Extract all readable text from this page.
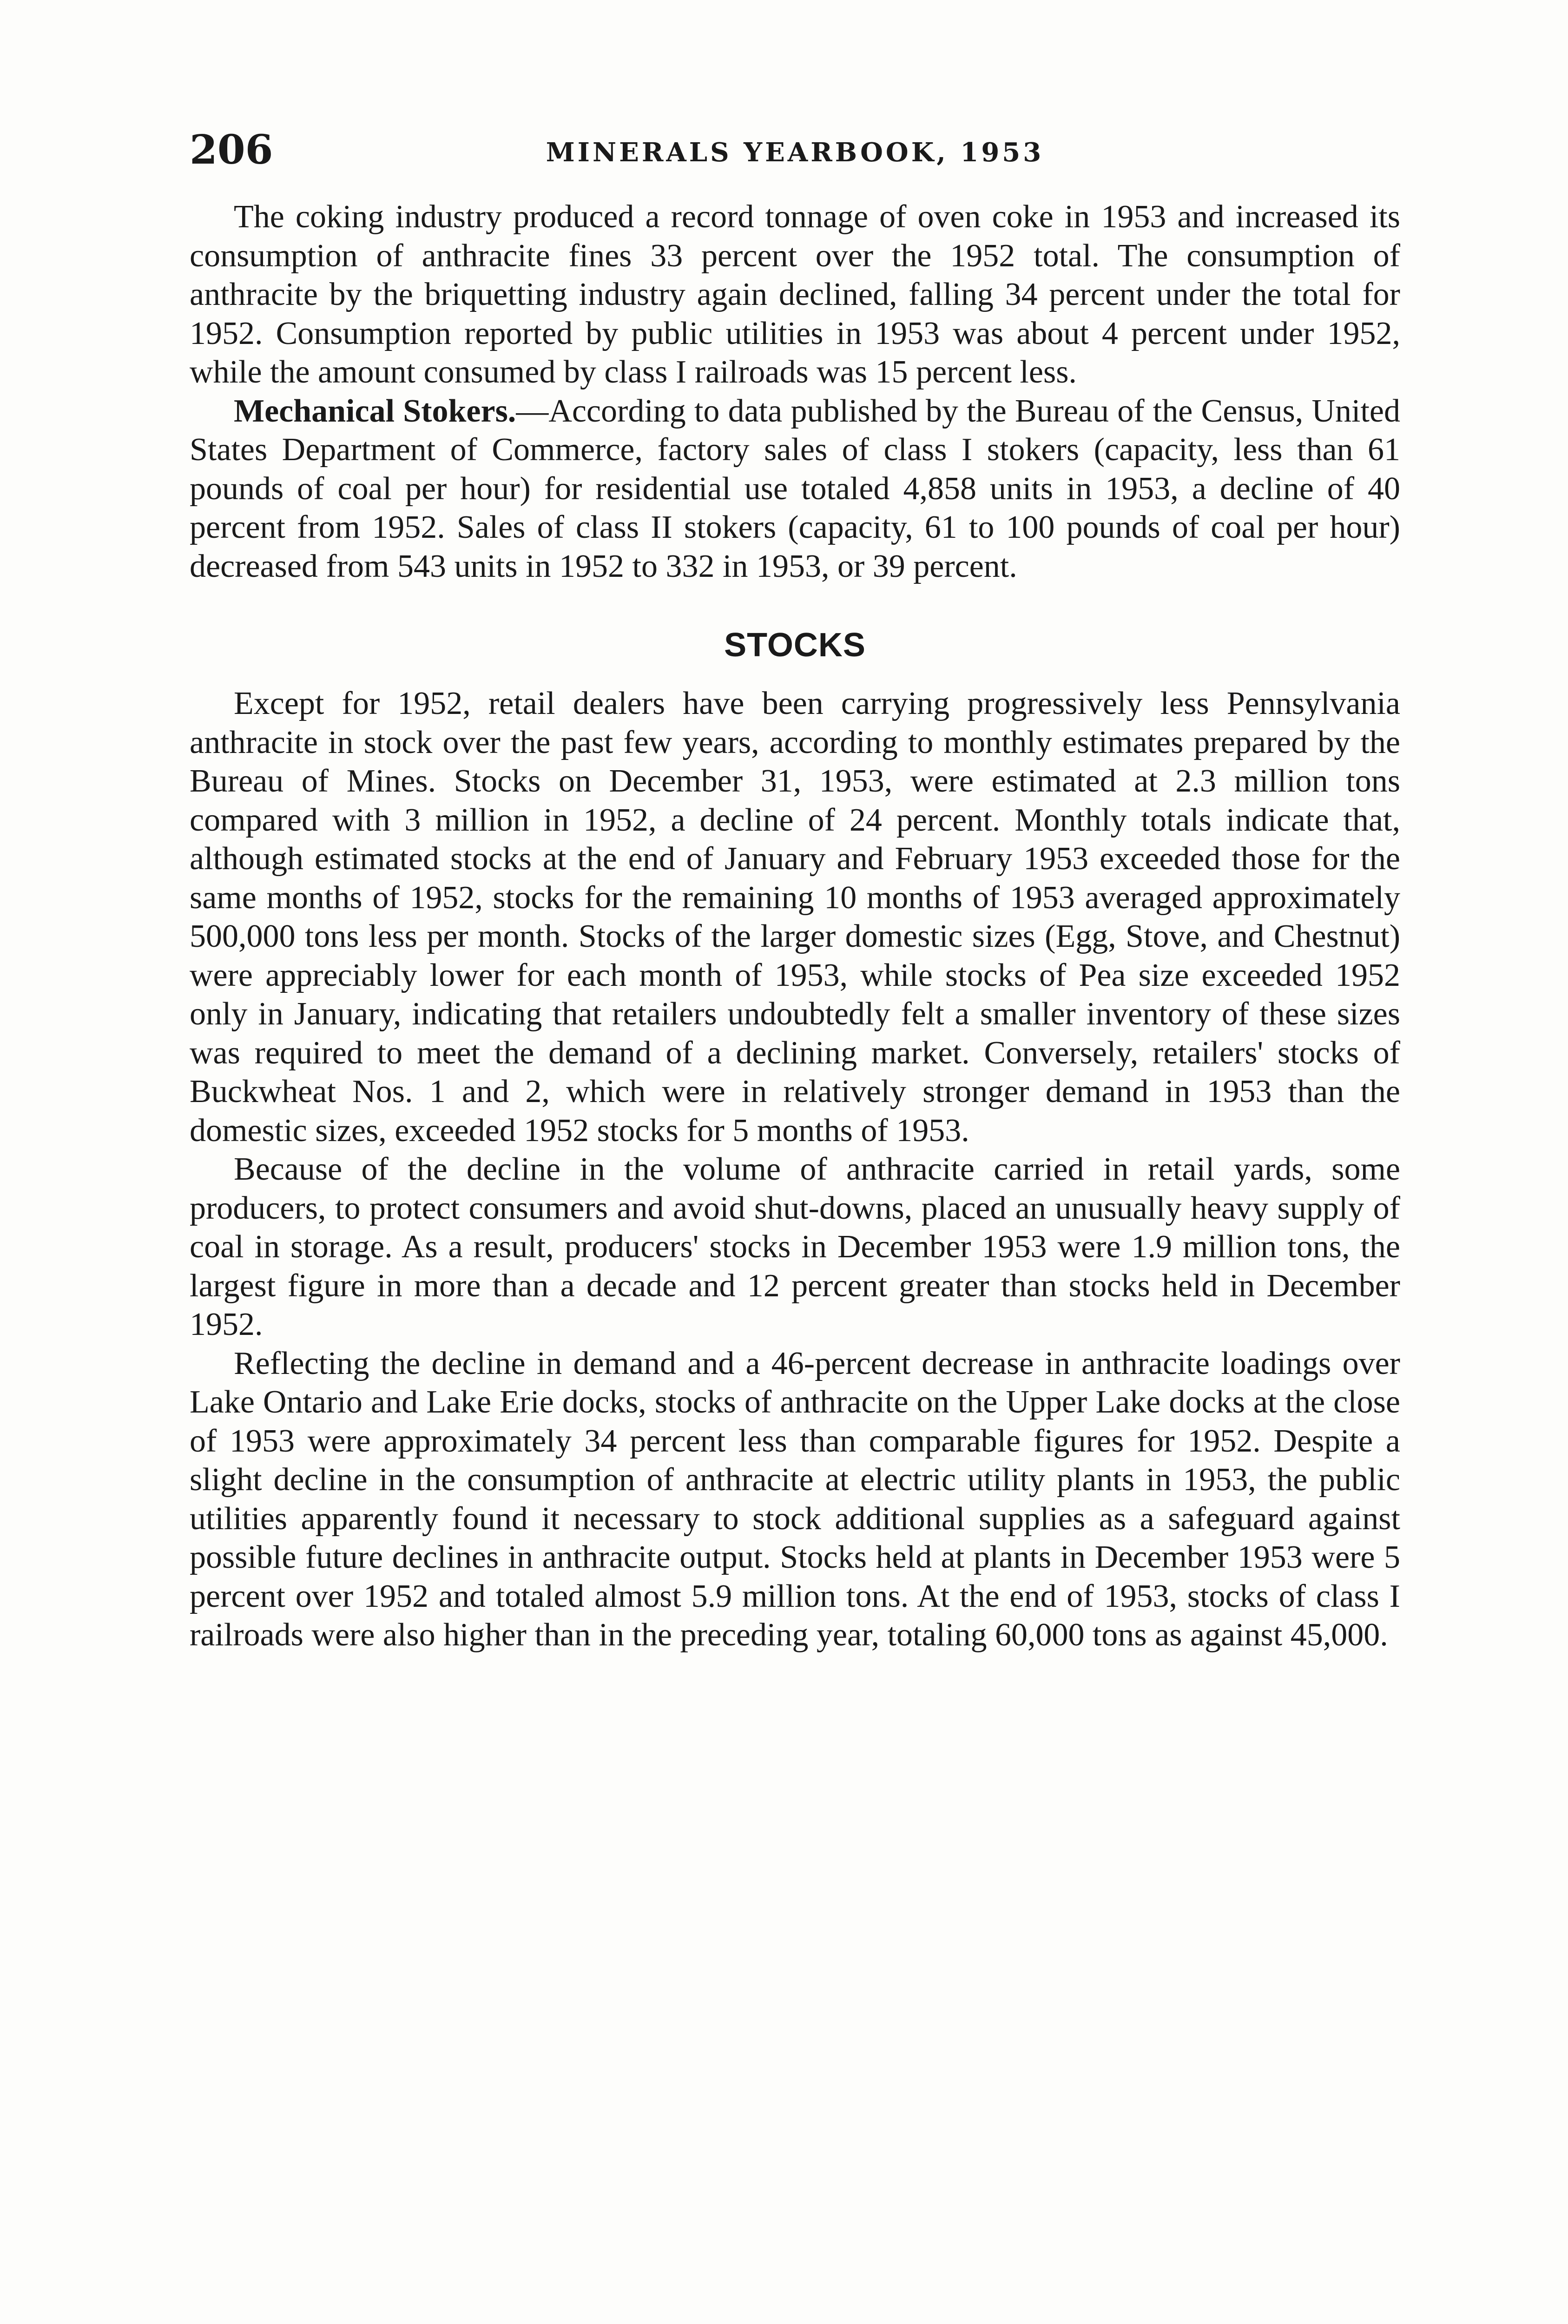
206	MINERALS YEARBOOK, 1953

The coking industry produced a record tonnage of oven coke in 1953 and increased its consumption of anthracite fines 33 percent over the 1952 total. The consumption of anthracite by the briquetting industry again declined, falling 34 percent under the total for 1952. Consumption reported by public utilities in 1953 was about 4 percent under 1952, while the amount consumed by class I railroads was 15 percent less.

Mechanical Stokers.—According to data published by the Bureau of the Census, United States Department of Commerce, factory sales of class I stokers (capacity, less than 61 pounds of coal per hour) for residential use totaled 4,858 units in 1953, a decline of 40 percent from 1952. Sales of class II stokers (capacity, 61 to 100 pounds of coal per hour) decreased from 543 units in 1952 to 332 in 1953, or 39 percent.

STOCKS

Except for 1952, retail dealers have been carrying progressively less Pennsylvania anthracite in stock over the past few years, according to monthly estimates prepared by the Bureau of Mines. Stocks on December 31, 1953, were estimated at 2.3 million tons compared with 3 million in 1952, a decline of 24 percent. Monthly totals indicate that, although estimated stocks at the end of January and February 1953 exceeded those for the same months of 1952, stocks for the remaining 10 months of 1953 averaged approximately 500,000 tons less per month. Stocks of the larger domestic sizes (Egg, Stove, and Chestnut) were appreciably lower for each month of 1953, while stocks of Pea size exceeded 1952 only in January, indicating that retailers undoubtedly felt a smaller inventory of these sizes was required to meet the demand of a declining market. Conversely, retailers' stocks of Buckwheat Nos. 1 and 2, which were in relatively stronger demand in 1953 than the domestic sizes, exceeded 1952 stocks for 5 months of 1953.

Because of the decline in the volume of anthracite carried in retail yards, some producers, to protect consumers and avoid shut-downs, placed an unusually heavy supply of coal in storage. As a result, producers' stocks in December 1953 were 1.9 million tons, the largest figure in more than a decade and 12 percent greater than stocks held in December 1952.

Reflecting the decline in demand and a 46-percent decrease in anthracite loadings over Lake Ontario and Lake Erie docks, stocks of anthracite on the Upper Lake docks at the close of 1953 were approximately 34 percent less than comparable figures for 1952. Despite a slight decline in the consumption of anthracite at electric utility plants in 1953, the public utilities apparently found it necessary to stock additional supplies as a safeguard against possible future declines in anthracite output. Stocks held at plants in December 1953 were 5 percent over 1952 and totaled almost 5.9 million tons. At the end of 1953, stocks of class I railroads were also higher than in the preceding year, totaling 60,000 tons as against 45,000.
